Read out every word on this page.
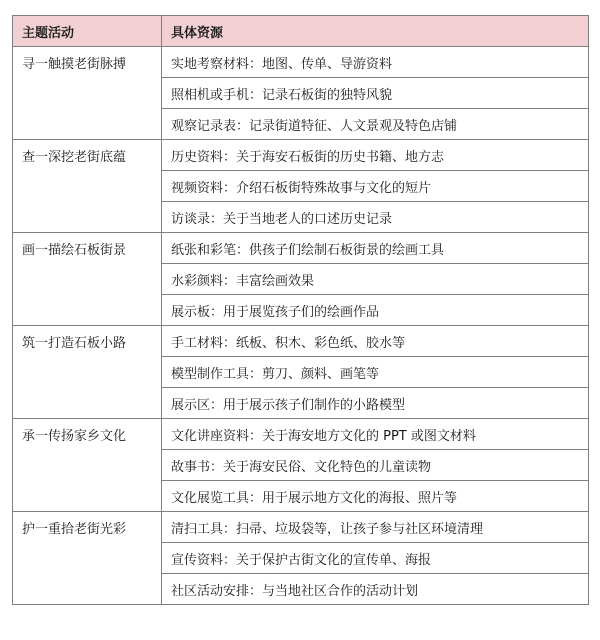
主题活动	具体资源
寻一触摸老街脉搏	实地考察材料：地图、传单、导游资料
	照相机或手机：记录石板街的独特风貌
	观察记录表：记录街道特征、人文景观及特色店铺
查一深挖老街底蕴	历史资料：关于海安石板街的历史书籍、地方志
	视频资料：介绍石板街特殊故事与文化的短片
	访谈录：关于当地老人的口述历史记录
画一描绘石板街景	纸张和彩笔：供孩子们绘制石板街景的绘画工具
	水彩颜料：丰富绘画效果
	展示板：用于展览孩子们的绘画作品
筑一打造石板小路	手工材料：纸板、积木、彩色纸、胶水等
	模型制作工具：剪刀、颜料、画笔等
	展示区：用于展示孩子们制作的小路模型
承一传扬家乡文化	文化讲座资料：关于海安地方文化的 PPT 或图文材料
	故事书：关于海安民俗、文化特色的儿童读物
	文化展览工具：用于展示地方文化的海报、照片等
护一重拾老街光彩	清扫工具：扫帚、垃圾袋等，让孩子参与社区环境清理
	宣传资料：关于保护古街文化的宣传单、海报
	社区活动安排：与当地社区合作的活动计划
